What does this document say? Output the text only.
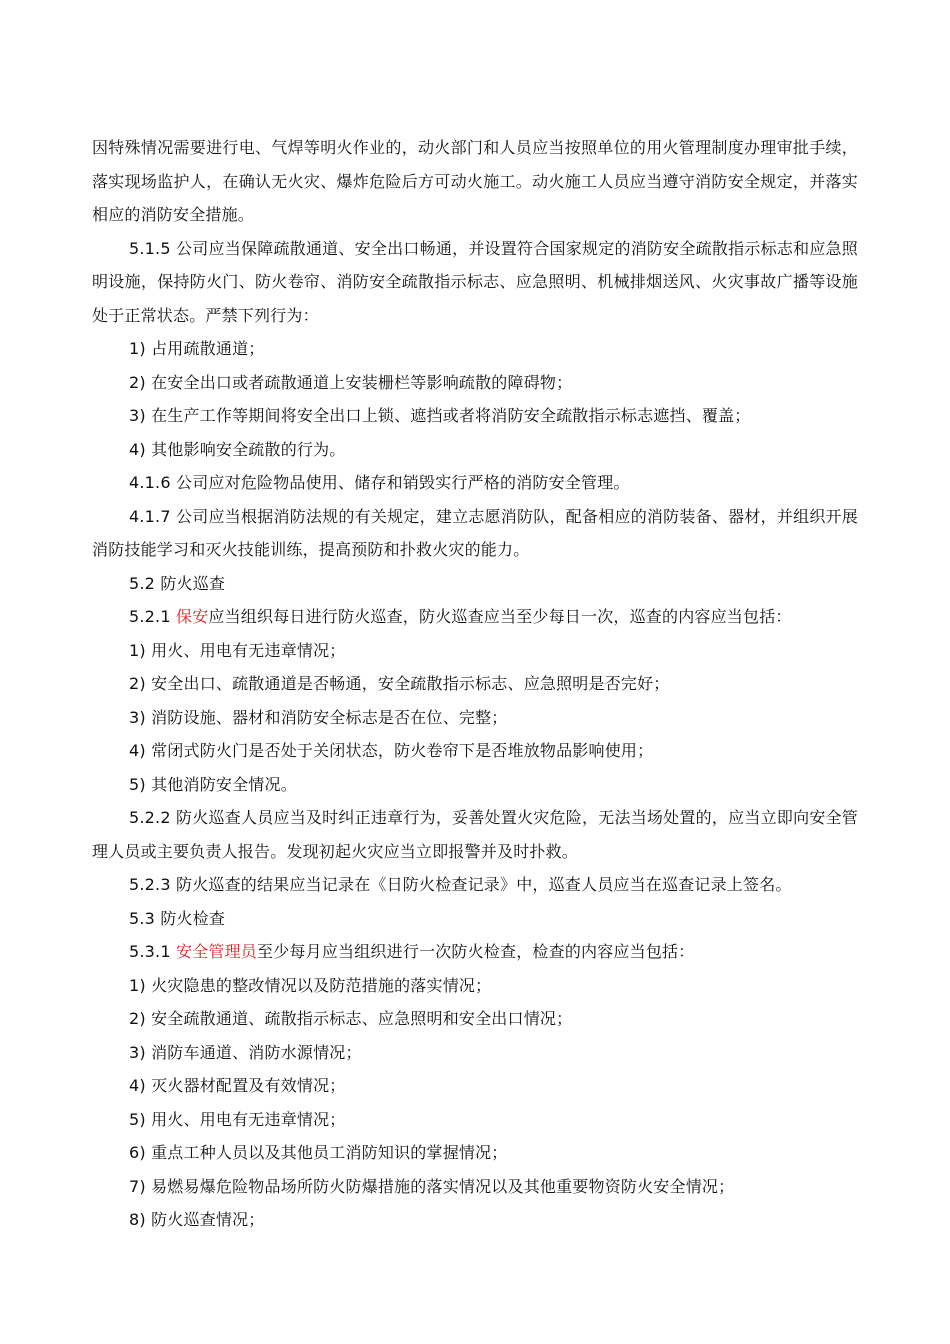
因特殊情况需要进行电、气焊等明火作业的，动火部门和人员应当按照单位的用火管理制度办理审批手续，落实现场监护人，在确认无火灾、爆炸危险后方可动火施工。动火施工人员应当遵守消防安全规定，并落实相应的消防安全措施。

5.1.5 公司应当保障疏散通道、安全出口畅通，并设置符合国家规定的消防安全疏散指示标志和应急照明设施，保持防火门、防火卷帘、消防安全疏散指示标志、应急照明、机械排烟送风、火灾事故广播等设施处于正常状态。严禁下列行为：

1) 占用疏散通道；

2) 在安全出口或者疏散通道上安装栅栏等影响疏散的障碍物；

3) 在生产工作等期间将安全出口上锁、遮挡或者将消防安全疏散指示标志遮挡、覆盖；

4) 其他影响安全疏散的行为。

4.1.6 公司应对危险物品使用、储存和销毁实行严格的消防安全管理。

4.1.7 公司应当根据消防法规的有关规定，建立志愿消防队，配备相应的消防装备、器材，并组织开展消防技能学习和灭火技能训练，提高预防和扑救火灾的能力。

5.2 防火巡查

5.2.1 保安应当组织每日进行防火巡查，防火巡查应当至少每日一次，巡查的内容应当包括：

1) 用火、用电有无违章情况；

2) 安全出口、疏散通道是否畅通，安全疏散指示标志、应急照明是否完好；

3) 消防设施、器材和消防安全标志是否在位、完整；

4) 常闭式防火门是否处于关闭状态，防火卷帘下是否堆放物品影响使用；

5) 其他消防安全情况。

5.2.2 防火巡查人员应当及时纠正违章行为，妥善处置火灾危险，无法当场处置的，应当立即向安全管理人员或主要负责人报告。发现初起火灾应当立即报警并及时扑救。

5.2.3 防火巡查的结果应当记录在《日防火检查记录》中，巡查人员应当在巡查记录上签名。

5.3 防火检查

5.3.1 安全管理员至少每月应当组织进行一次防火检查，检查的内容应当包括：

1) 火灾隐患的整改情况以及防范措施的落实情况；

2) 安全疏散通道、疏散指示标志、应急照明和安全出口情况；

3) 消防车通道、消防水源情况；

4) 灭火器材配置及有效情况；

5) 用火、用电有无违章情况；

6) 重点工种人员以及其他员工消防知识的掌握情况；

7) 易燃易爆危险物品场所防火防爆措施的落实情况以及其他重要物资防火安全情况；

8) 防火巡查情况；
